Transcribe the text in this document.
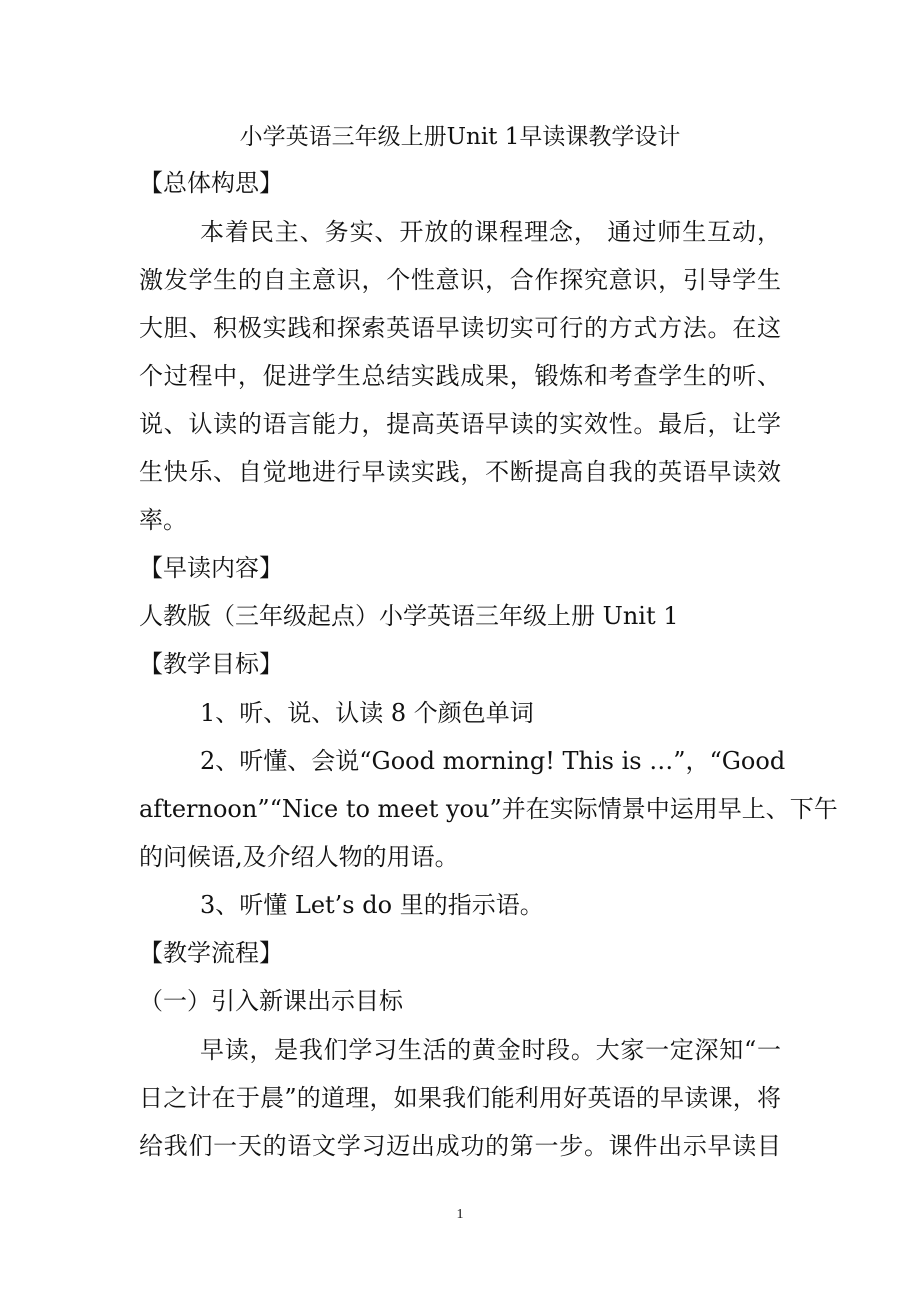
小学英语三年级上册Unit 1早读课教学设计
【总体构思】
本着民主、务实、开放的课程理念， 通过师生互动，
激发学生的自主意识，个性意识，合作探究意识，引导学生
大胆、积极实践和探索英语早读切实可行的方式方法。在这
个过程中，促进学生总结实践成果，锻炼和考查学生的听、
说、认读的语言能力，提高英语早读的实效性。最后，让学
生快乐、自觉地进行早读实践，不断提高自我的英语早读效
率。
【早读内容】
人教版（三年级起点）小学英语三年级上册 Unit 1
【教学目标】
1、听、说、认读 8 个颜色单词
2、听懂、会说“Good morning! This is …”，“Good
afternoon”“Nice to meet you”并在实际情景中运用早上、下午
的问候语,及介绍人物的用语。
3、听懂 Let’s do 里的指示语。
【教学流程】
（一）引入新课出示目标
早读，是我们学习生活的黄金时段。大家一定深知“一
日之计在于晨”的道理，如果我们能利用好英语的早读课，将
给我们一天的语文学习迈出成功的第一步。课件出示早读目
1
